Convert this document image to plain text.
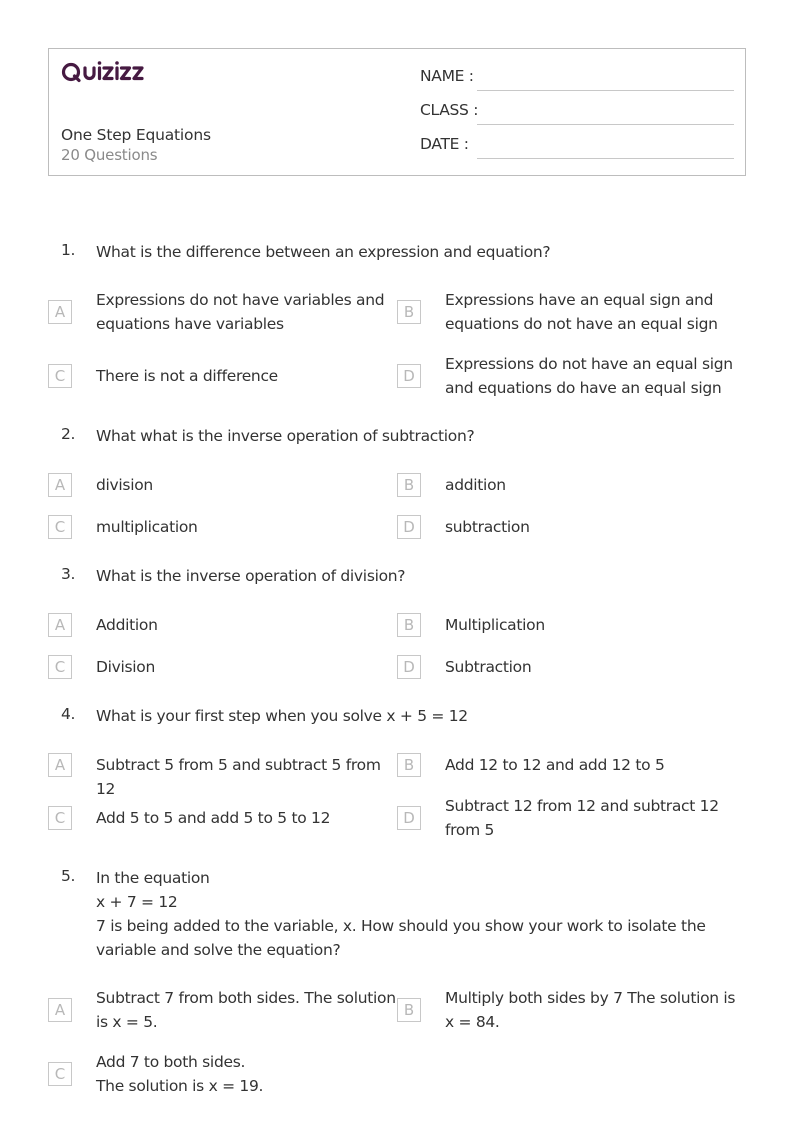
One Step Equations
20 Questions
NAME :
CLASS :
DATE :
1. What is the difference between an expression and equation?
A
Expressions do not have variables and equations have variables
B
Expressions have an equal sign and equations do not have an equal sign
C	There is not a difference	D
Expressions do not have an equal sign and equations do have an equal sign
2. What what is the inverse operation of subtraction?
A	division	B	addition
C	multiplication	D	subtraction
3. What is the inverse operation of division?
A	Addition	B	Multiplication
C	Division	D	Subtraction
4. What is your first step when you solve x + 5 = 12
A	Subtract 5 from 5 and subtract 5 from 12
B	Add 12 to 12 and add 12 to 5
C	Add 5 to 5 and add 5 to 5 to 12	D
Subtract 12 from 12 and subtract 12 from 5
5. In the equation
x + 7 = 12
7 is being added to the variable, x. How should you show your work to isolate the variable and solve the equation?
A
Subtract 7 from both sides. The solution is x = 5.
B
Multiply both sides by 7 The solution is x = 84.
C
Add 7 to both sides.
The solution is x = 19.
